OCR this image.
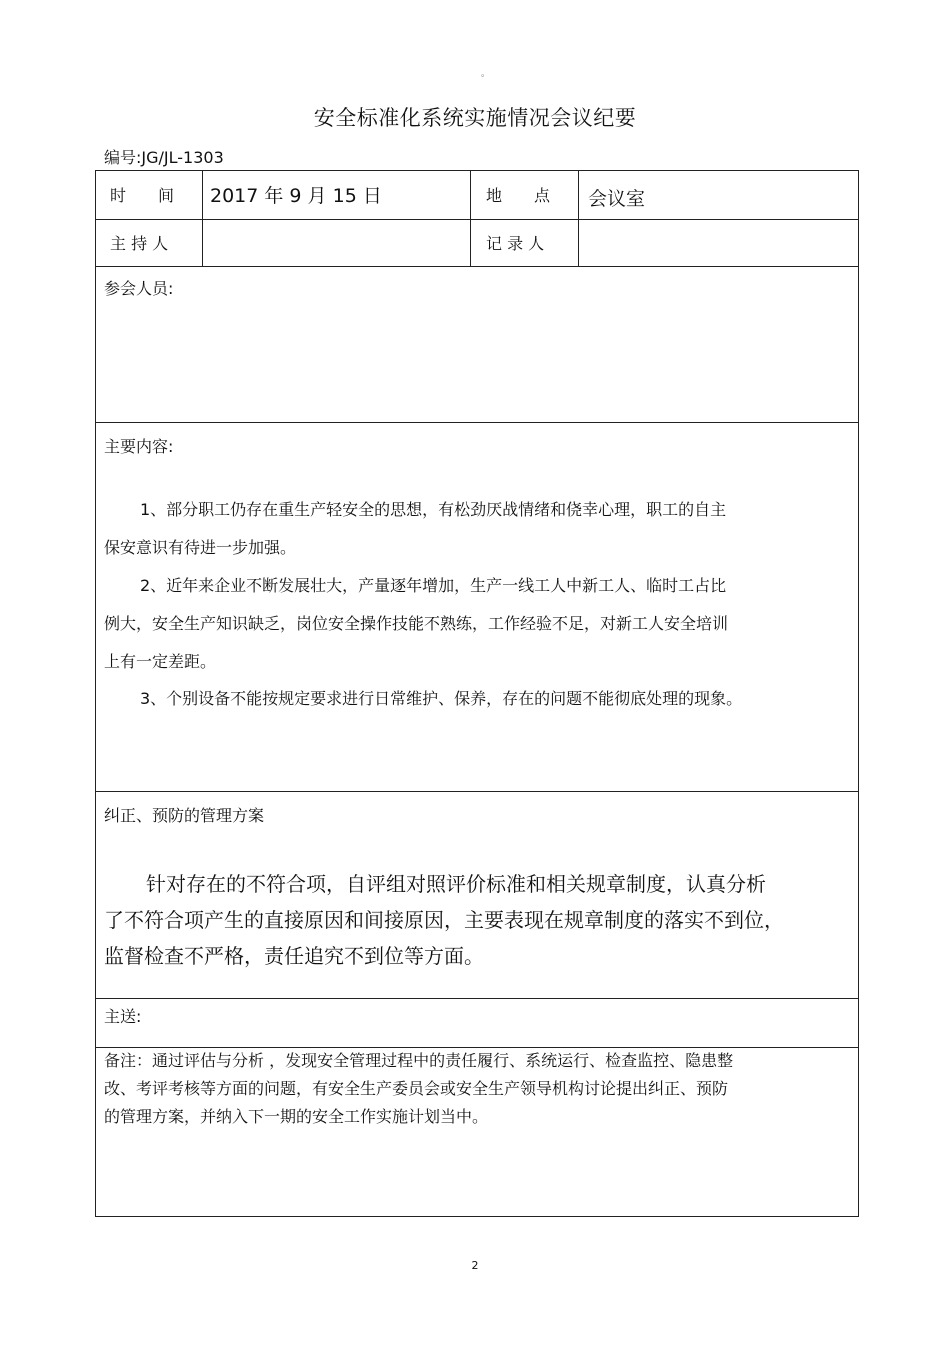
。
安全标准化系统实施情况会议纪要
编号:JG/JL-1303
时　　间 2017 年 9 月 15 日	地　　点 会议室
主 持 人	记 录 人
参会人员:
主要内容:
1、部分职工仍存在重生产轻安全的思想，有松劲厌战情绪和侥幸心理，职工的自主
保安意识有待进一步加强。
2、近年来企业不断发展壮大，产量逐年增加，生产一线工人中新工人、临时工占比
例大，安全生产知识缺乏，岗位安全操作技能不熟练，工作经验不足，对新工人安全培训
上有一定差距。
3、个别设备不能按规定要求进行日常维护、保养，存在的问题不能彻底处理的现象。
纠正、预防的管理方案
针对存在的不符合项，自评组对照评价标准和相关规章制度，认真分析
了不符合项产生的直接原因和间接原因，主要表现在规章制度的落实不到位，
监督检查不严格，责任追究不到位等方面。
主送:
备注：通过评估与分析 ，发现安全管理过程中的责任履行、系统运行、检查监控、隐患整
改、考评考核等方面的问题，有安全生产委员会或安全生产领导机构讨论提出纠正、预防
的管理方案，并纳入下一期的安全工作实施计划当中。
2
